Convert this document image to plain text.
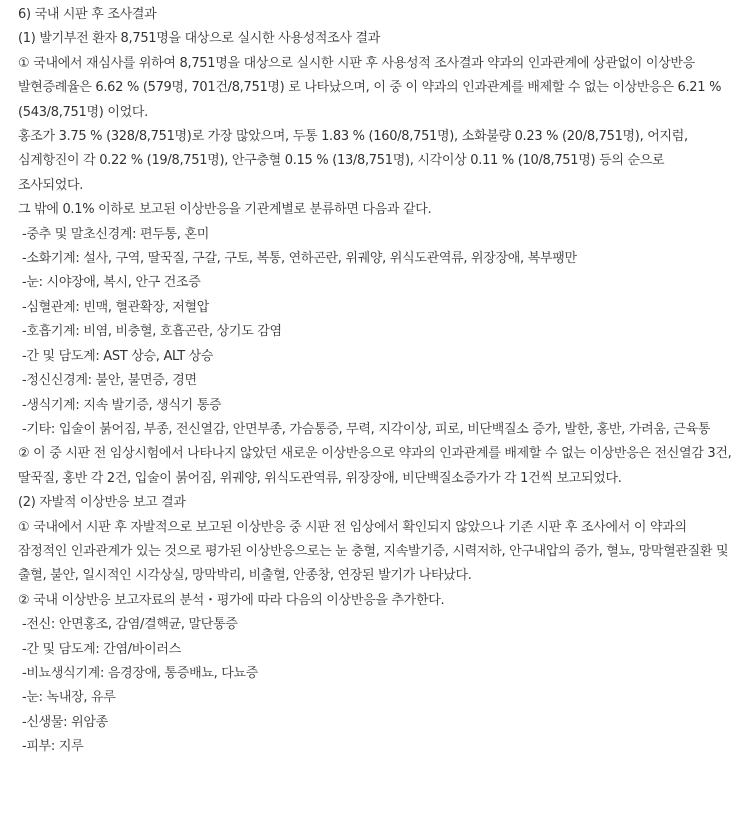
6) 국내 시판 후 조사결과

(1) 발기부전 환자 8,751명을 대상으로 실시한 사용성적조사 결과

① 국내에서 재심사를 위하여 8,751명을 대상으로 실시한 시판 후 사용성적 조사결과 약과의 인과관계에 상관없이 이상반응 발현증례율은 6.62 % (579명, 701건/8,751명) 로 나타났으며, 이 중 이 약과의 인과관계를 배제할 수 없는 이상반응은 6.21 % (543/8,751명) 이었다.

홍조가 3.75 % (328/8,751명)로 가장 많았으며, 두통 1.83 % (160/8,751명), 소화불량 0.23 % (20/8,751명), 어지럼, 심계항진이 각 0.22 % (19/8,751명), 안구충혈 0.15 % (13/8,751명), 시각이상 0.11 % (10/8,751명) 등의 순으로 조사되었다.

그 밖에 0.1% 이하로 보고된 이상반응을 기관계별로 분류하면 다음과 같다.

-중추 및 말초신경계: 편두통, 혼미

-소화기계: 설사, 구역, 딸꾹질, 구갈, 구토, 복통, 연하곤란, 위궤양, 위식도관역류, 위장장애, 복부팽만

-눈: 시야장애, 복시, 안구 건조증

-심혈관계: 빈맥, 혈관확장, 저혈압

-호흡기계: 비염, 비충혈, 호흡곤란, 상기도 감염

-간 및 담도계: AST 상승, ALT 상승

-정신신경계: 불안, 불면증, 경면

-생식기계: 지속 발기증, 생식기 통증

-기타: 입술이 붉어짐, 부종, 전신열감, 안면부종, 가슴통증, 무력, 지각이상, 피로, 비단백질소 증가, 발한, 홍반, 가려움, 근육통

② 이 중 시판 전 임상시험에서 나타나지 않았던 새로운 이상반응으로 약과의 인과관계를 배제할 수 없는 이상반응은 전신열감 3건, 딸꾹질, 홍반 각 2건, 입술이 붉어짐, 위궤양, 위식도관역류, 위장장애, 비단백질소증가가 각 1건씩 보고되었다.

(2) 자발적 이상반응 보고 결과

① 국내에서 시판 후 자발적으로 보고된 이상반응 중 시판 전 임상에서 확인되지 않았으나 기존 시판 후 조사에서 이 약과의 잠정적인 인과관계가 있는 것으로 평가된 이상반응으로는 눈 충혈, 지속발기증, 시력저하, 안구내압의 증가, 혈뇨, 망막혈관질환 및 출혈, 불안, 일시적인 시각상실, 망막박리, 비출혈, 안종창, 연장된 발기가 나타났다.

② 국내 이상반응 보고자료의 분석・평가에 따라 다음의 이상반응을 추가한다.

-전신: 안면홍조, 감염/결핵균, 말단통증

-간 및 담도계: 간염/바이러스

-비뇨생식기계: 음경장애, 통증배뇨, 다뇨증

-눈: 녹내장, 유루

-신생물: 위암종

-피부: 지루
